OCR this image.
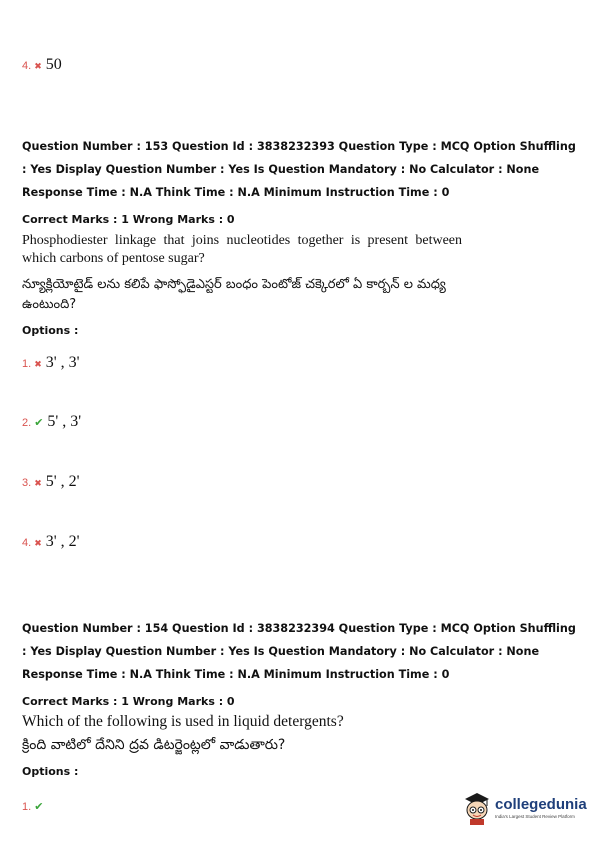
4. ✖ 50
Question Number : 153 Question Id : 3838232393 Question Type : MCQ Option Shuffling : Yes Display Question Number : Yes Is Question Mandatory : No Calculator : None Response Time : N.A Think Time : N.A Minimum Instruction Time : 0
Correct Marks : 1 Wrong Marks : 0
Phosphodiester linkage that joins nucleotides together is present between which carbons of pentose sugar?
న్యూక్లియోటైడ్ లను కలిపే ఫాస్ఫోడైఎస్టర్ బంధం పెంటోజ్ చక్కెరలో ఏ కార్బన్ ల మధ్య ఉంటుంది?
Options :
1. ✖ 3' , 3'
2. ✔ 5' , 3'
3. ✖ 5' , 2'
4. ✖ 3' , 2'
Question Number : 154 Question Id : 3838232394 Question Type : MCQ Option Shuffling : Yes Display Question Number : Yes Is Question Mandatory : No Calculator : None Response Time : N.A Think Time : N.A Minimum Instruction Time : 0
Correct Marks : 1 Wrong Marks : 0
Which of the following is used in liquid detergents?
క్రింది వాటిలో దేనిని ద్రవ డిటర్జెంట్లలో వాడుతారు?
Options :
1. ✔	collegedunia
India's Largest Student Review Platform
